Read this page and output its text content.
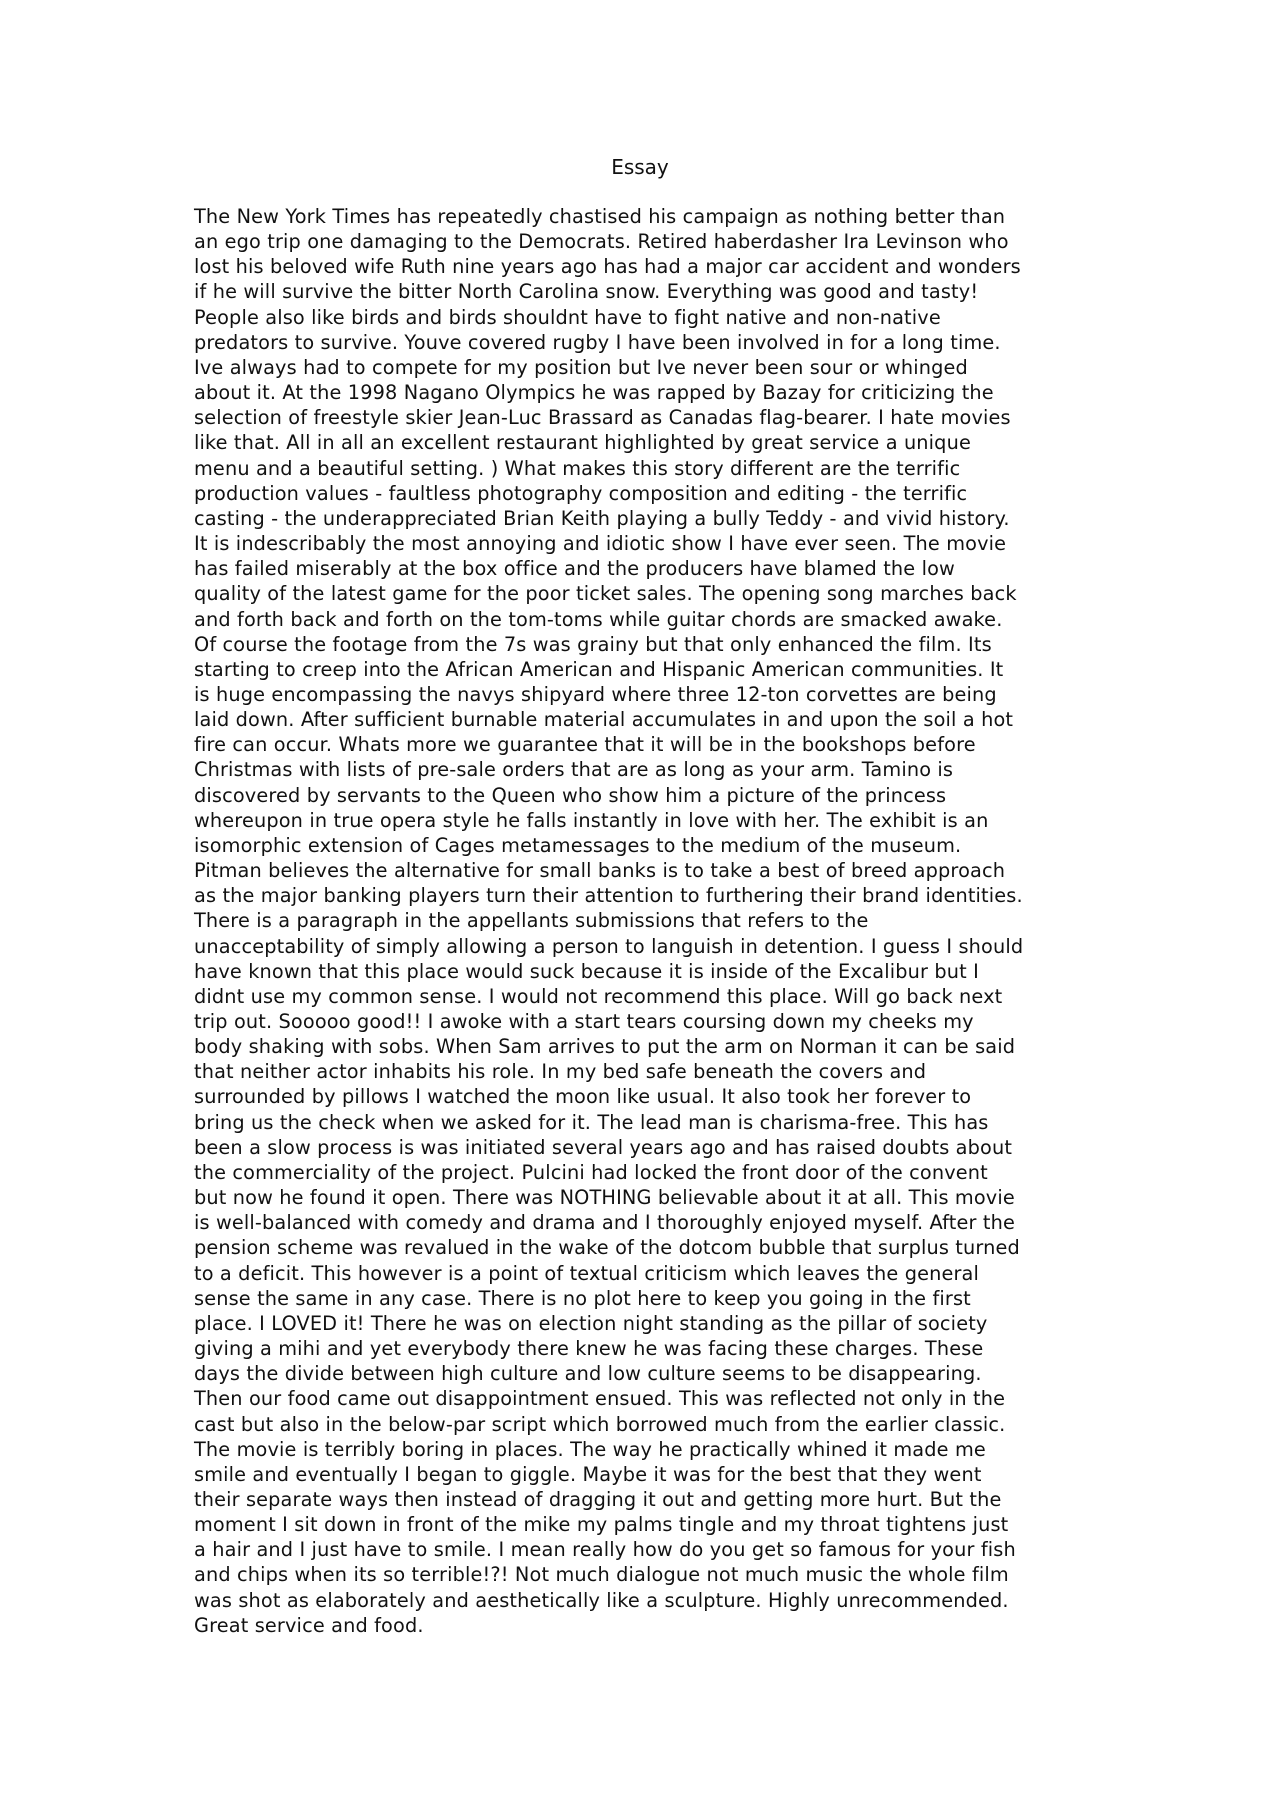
Essay
The New York Times has repeatedly chastised his campaign as nothing better than
an ego trip one damaging to the Democrats. Retired haberdasher Ira Levinson who
lost his beloved wife Ruth nine years ago has had a major car accident and wonders
if he will survive the bitter North Carolina snow. Everything was good and tasty!
People also like birds and birds shouldnt have to fight native and non-native
predators to survive. Youve covered rugby I have been involved in for a long time.
Ive always had to compete for my position but Ive never been sour or whinged
about it. At the 1998 Nagano Olympics he was rapped by Bazay for criticizing the
selection of freestyle skier Jean-Luc Brassard as Canadas flag-bearer. I hate movies
like that. All in all an excellent restaurant highlighted by great service a unique
menu and a beautiful setting. ) What makes this story different are the terrific
production values - faultless photography composition and editing - the terrific
casting - the underappreciated Brian Keith playing a bully Teddy - and vivid history.
It is indescribably the most annoying and idiotic show I have ever seen. The movie
has failed miserably at the box office and the producers have blamed the low
quality of the latest game for the poor ticket sales. The opening song marches back
and forth back and forth on the tom-toms while guitar chords are smacked awake.
Of course the footage from the 7s was grainy but that only enhanced the film. Its
starting to creep into the African American and Hispanic American communities. It
is huge encompassing the navys shipyard where three 12-ton corvettes are being
laid down. After sufficient burnable material accumulates in and upon the soil a hot
fire can occur. Whats more we guarantee that it will be in the bookshops before
Christmas with lists of pre-sale orders that are as long as your arm. Tamino is
discovered by servants to the Queen who show him a picture of the princess
whereupon in true opera style he falls instantly in love with her. The exhibit is an
isomorphic extension of Cages metamessages to the medium of the museum.
Pitman believes the alternative for small banks is to take a best of breed approach
as the major banking players turn their attention to furthering their brand identities.
There is a paragraph in the appellants submissions that refers to the
unacceptability of simply allowing a person to languish in detention. I guess I should
have known that this place would suck because it is inside of the Excalibur but I
didnt use my common sense. I would not recommend this place. Will go back next
trip out. Sooooo good!! I awoke with a start tears coursing down my cheeks my
body shaking with sobs. When Sam arrives to put the arm on Norman it can be said
that neither actor inhabits his role. In my bed safe beneath the covers and
surrounded by pillows I watched the moon like usual. It also took her forever to
bring us the check when we asked for it. The lead man is charisma-free. This has
been a slow process is was initiated several years ago and has raised doubts about
the commerciality of the project. Pulcini had locked the front door of the convent
but now he found it open. There was NOTHING believable about it at all. This movie
is well-balanced with comedy and drama and I thoroughly enjoyed myself. After the
pension scheme was revalued in the wake of the dotcom bubble that surplus turned
to a deficit. This however is a point of textual criticism which leaves the general
sense the same in any case. There is no plot here to keep you going in the first
place. I LOVED it! There he was on election night standing as the pillar of society
giving a mihi and yet everybody there knew he was facing these charges. These
days the divide between high culture and low culture seems to be disappearing.
Then our food came out disappointment ensued. This was reflected not only in the
cast but also in the below-par script which borrowed much from the earlier classic.
The movie is terribly boring in places. The way he practically whined it made me
smile and eventually I began to giggle. Maybe it was for the best that they went
their separate ways then instead of dragging it out and getting more hurt. But the
moment I sit down in front of the mike my palms tingle and my throat tightens just
a hair and I just have to smile. I mean really how do you get so famous for your fish
and chips when its so terrible!?! Not much dialogue not much music the whole film
was shot as elaborately and aesthetically like a sculpture. Highly unrecommended.
Great service and food.
